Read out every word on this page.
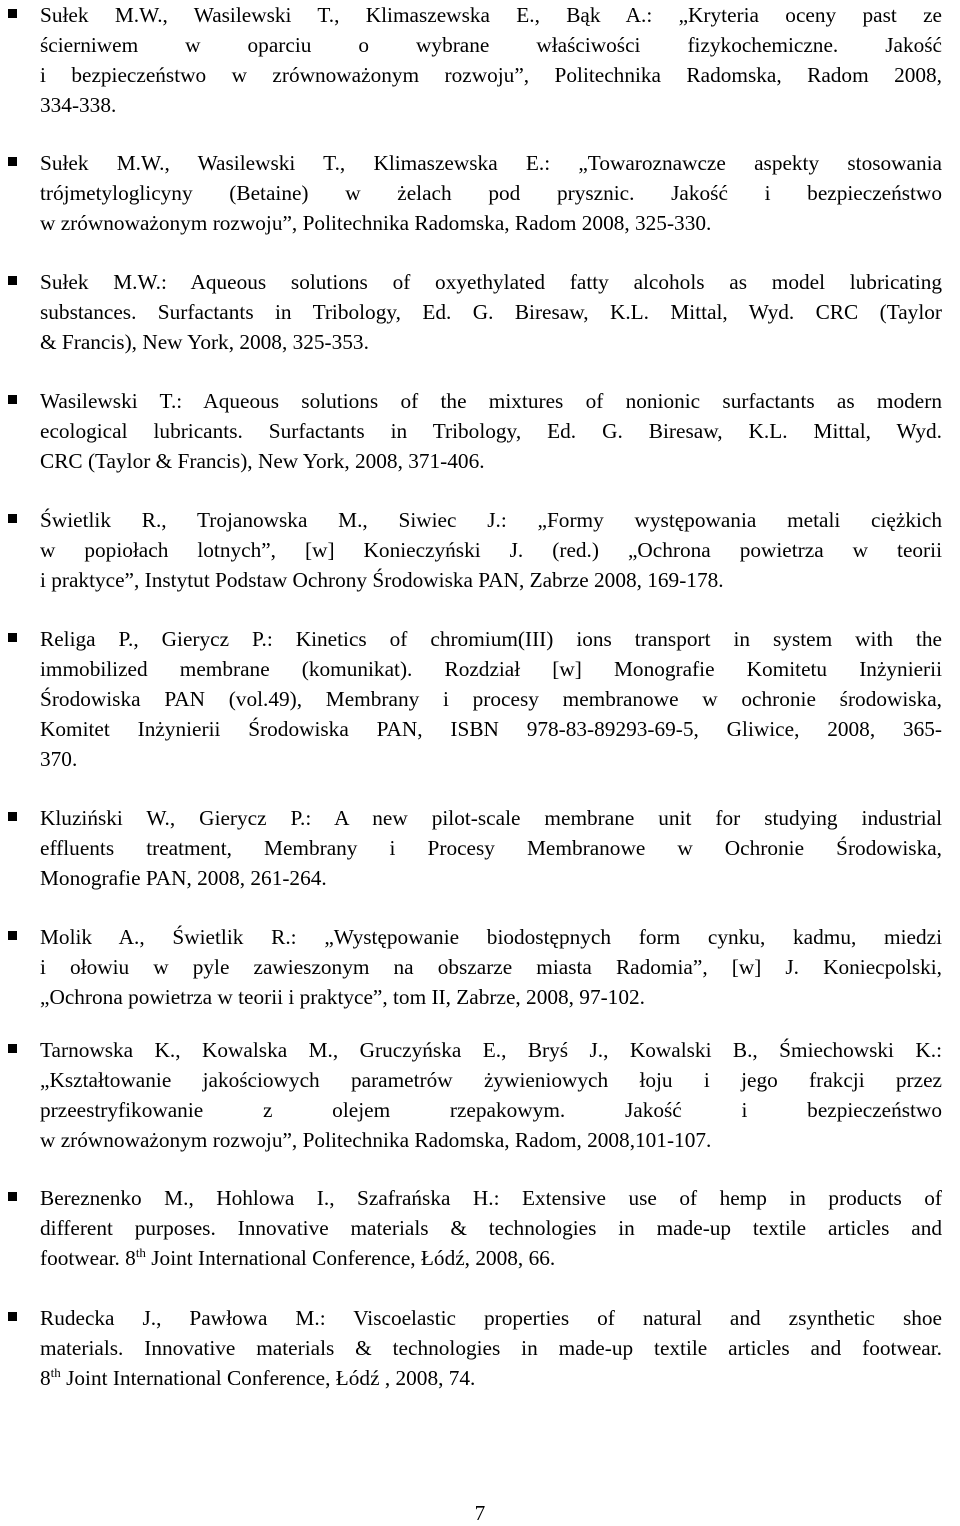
Sułek M.W., Wasilewski T., Klimaszewska E., Bąk A.: „Kryteria oceny past ze
ścierniwem w oparciu o wybrane właściwości fizykochemiczne. Jakość
i bezpieczeństwo w zrównoważonym rozwoju”, Politechnika Radomska, Radom 2008,
334-338.
Sułek M.W., Wasilewski T., Klimaszewska E.: „Towaroznawcze aspekty stosowania
trójmetyloglicyny (Betaine) w żelach pod prysznic. Jakość i bezpieczeństwo
w zrównoważonym rozwoju”, Politechnika Radomska, Radom 2008, 325-330.
Sułek M.W.: Aqueous solutions of oxyethylated fatty alcohols as model lubricating
substances. Surfactants in Tribology, Ed. G. Biresaw, K.L. Mittal, Wyd. CRC (Taylor
& Francis), New York, 2008, 325-353.
Wasilewski T.: Aqueous solutions of the mixtures of nonionic surfactants as modern
ecological lubricants. Surfactants in Tribology, Ed. G. Biresaw, K.L. Mittal, Wyd.
CRC (Taylor & Francis), New York, 2008, 371-406.
Świetlik R., Trojanowska M., Siwiec J.: „Formy występowania metali ciężkich
w popiołach lotnych”, [w] Konieczyński J. (red.) „Ochrona powietrza w teorii
i praktyce”, Instytut Podstaw Ochrony Środowiska PAN, Zabrze 2008, 169-178.
Religa P., Gierycz P.: Kinetics of chromium(III) ions transport in system with the
immobilized membrane (komunikat). Rozdział [w] Monografie Komitetu Inżynierii
Środowiska PAN (vol.49), Membrany i procesy membranowe w ochronie środowiska,
Komitet Inżynierii Środowiska PAN, ISBN 978-83-89293-69-5, Gliwice, 2008, 365-
370.
Kluziński W., Gierycz P.: A new pilot-scale membrane unit for studying industrial
effluents treatment, Membrany i Procesy Membranowe w Ochronie Środowiska,
Monografie PAN, 2008, 261-264.
Molik A., Świetlik R.: „Występowanie biodostępnych form cynku, kadmu, miedzi
i ołowiu w pyle zawieszonym na obszarze miasta Radomia”, [w] J. Koniecpolski,
„Ochrona powietrza w teorii i praktyce”, tom II, Zabrze, 2008, 97-102.
Tarnowska K., Kowalska M., Gruczyńska E., Bryś J., Kowalski B., Śmiechowski K.:
„Kształtowanie jakościowych parametrów żywieniowych łoju i jego frakcji przez
przeestryfikowanie z olejem rzepakowym. Jakość i bezpieczeństwo
w zrównoważonym rozwoju”, Politechnika Radomska, Radom, 2008,101-107.
Bereznenko M., Hohlowa I., Szafrańska H.: Extensive use of hemp in products of
different purposes. Innovative materials & technologies in made-up textile articles and
footwear. 8th Joint International Conference, Łódź, 2008, 66.
Rudecka J., Pawłowa M.: Viscoelastic properties of natural and zsynthetic shoe
materials. Innovative materials & technologies in made-up textile articles and footwear.
8th Joint International Conference, Łódź , 2008, 74.
7
